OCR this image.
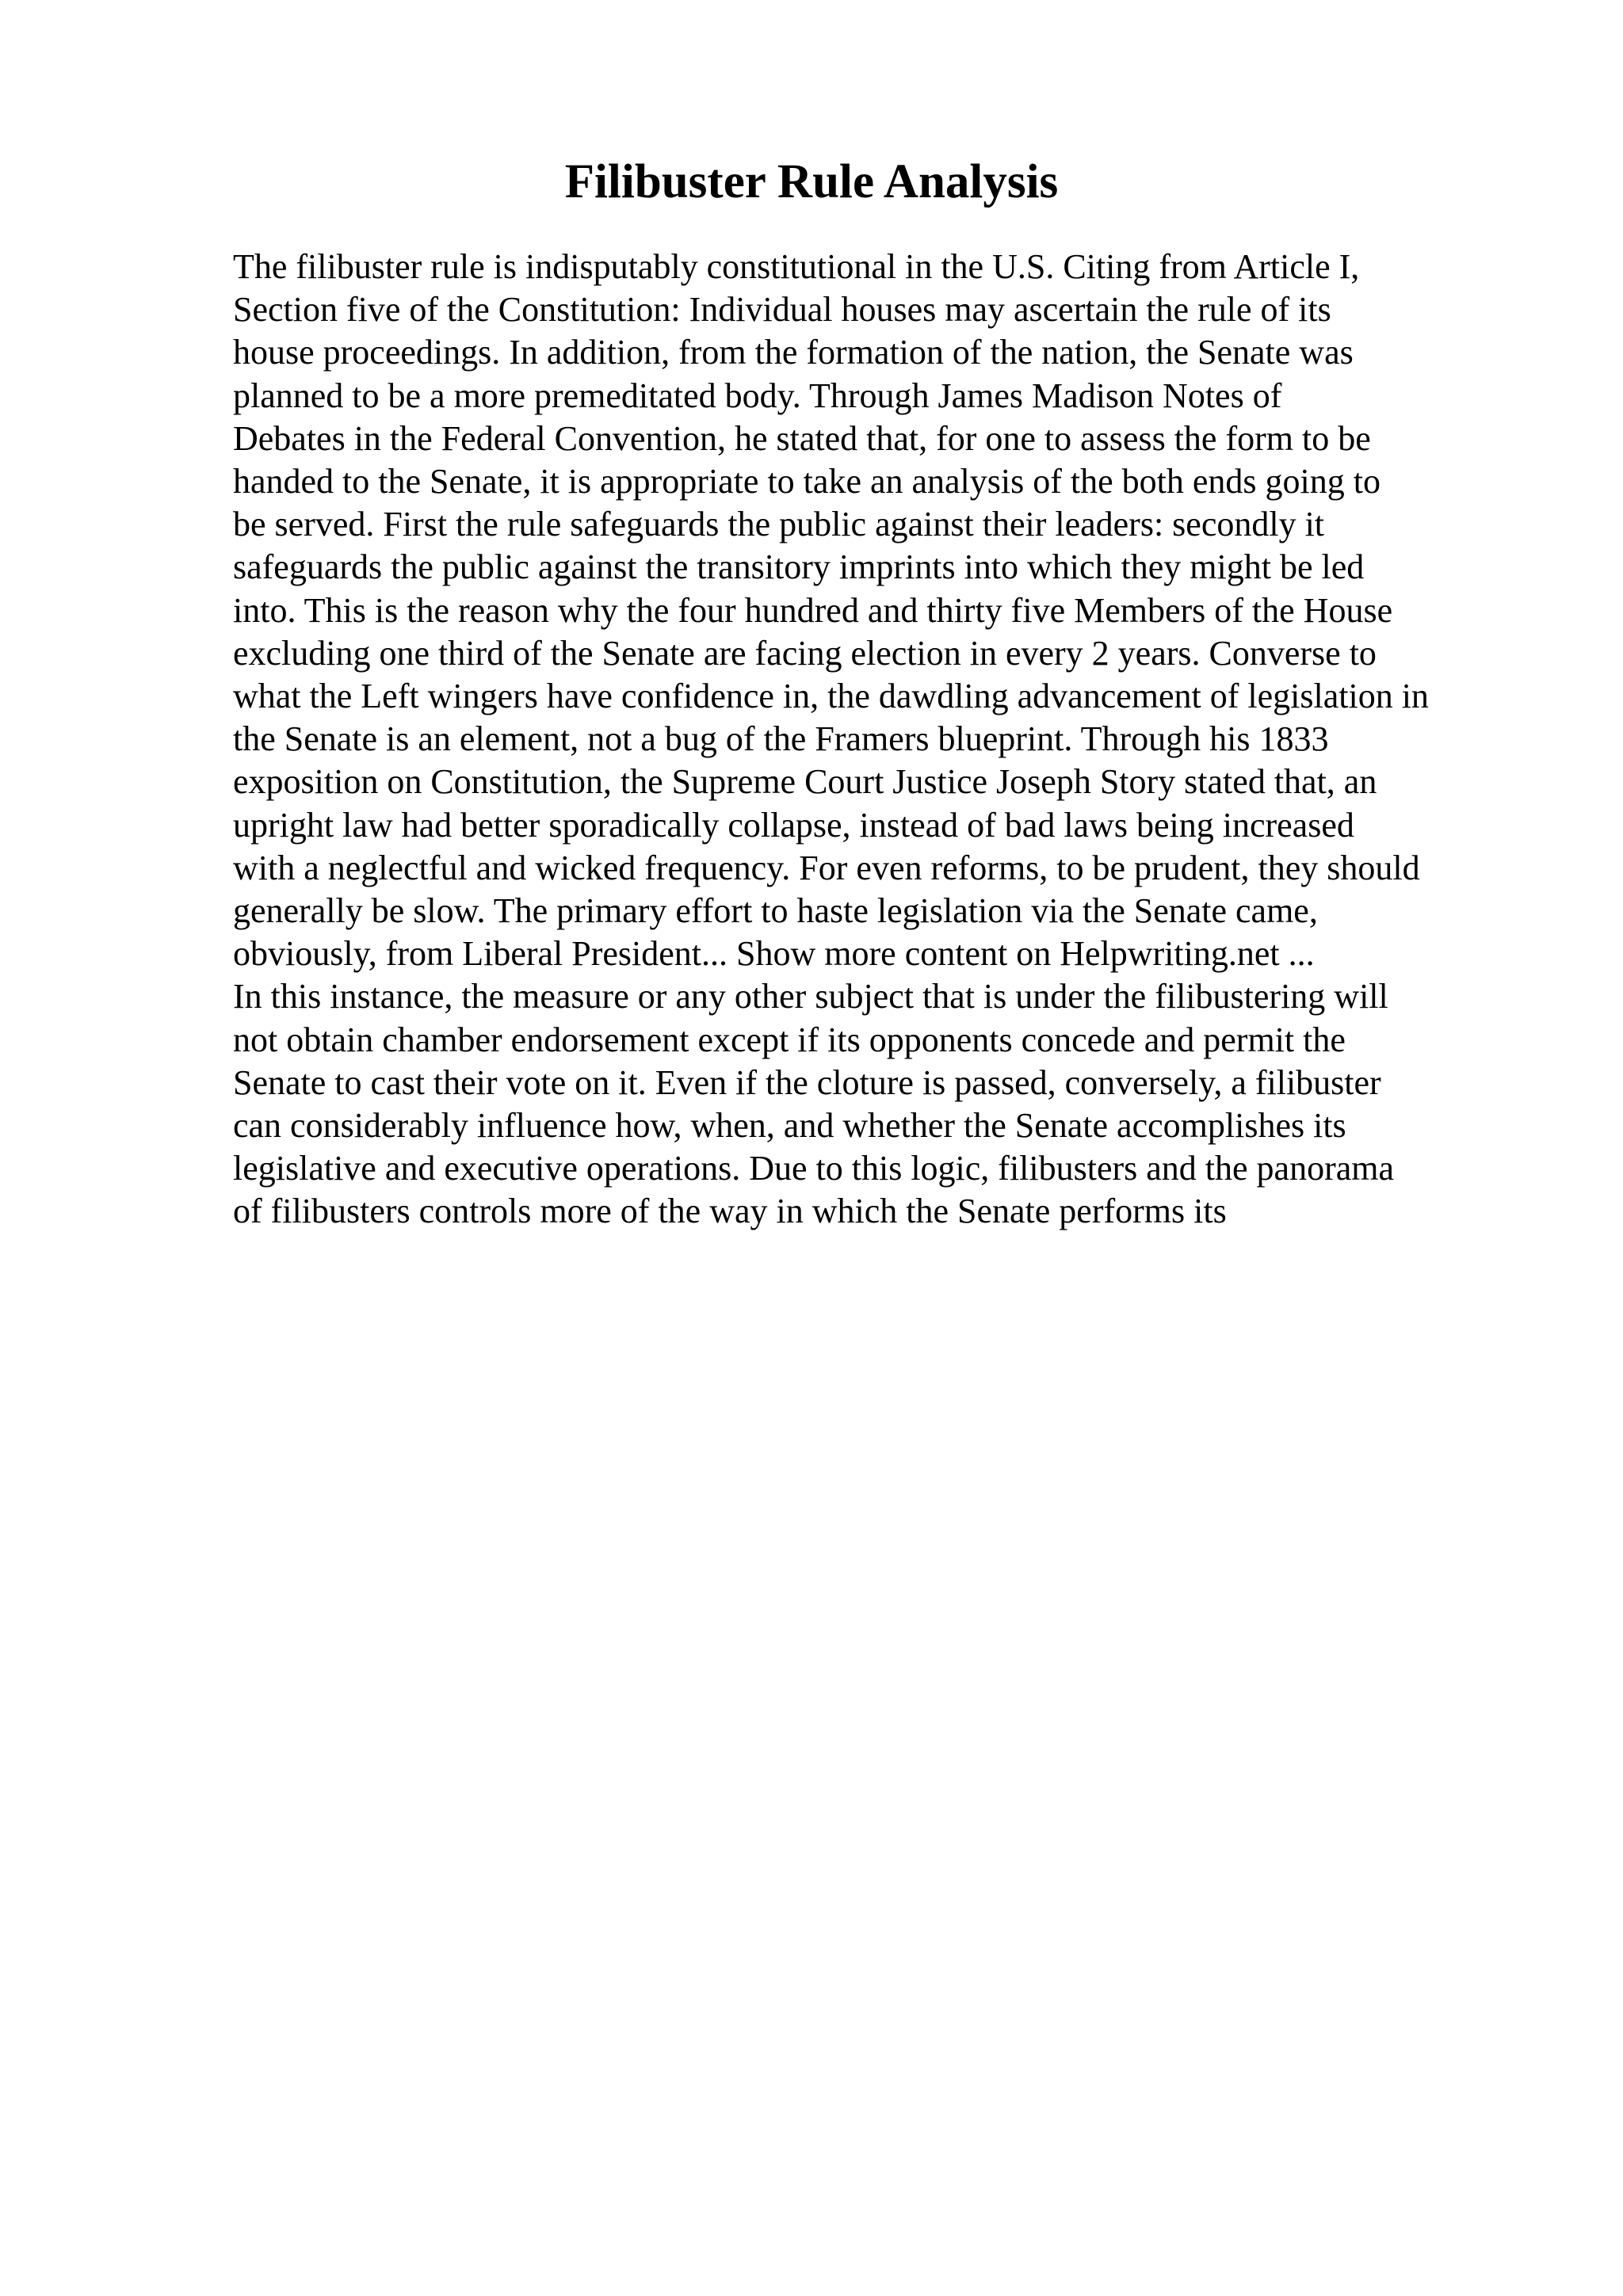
Filibuster Rule Analysis
The filibuster rule is indisputably constitutional in the U.S. Citing from Article I,
Section five of the Constitution: Individual houses may ascertain the rule of its
house proceedings. In addition, from the formation of the nation, the Senate was
planned to be a more premeditated body. Through James Madison Notes of
Debates in the Federal Convention, he stated that, for one to assess the form to be
handed to the Senate, it is appropriate to take an analysis of the both ends going to
be served. First the rule safeguards the public against their leaders: secondly it
safeguards the public against the transitory imprints into which they might be led
into. This is the reason why the four hundred and thirty five Members of the House
excluding one third of the Senate are facing election in every 2 years. Converse to
what the Left wingers have confidence in, the dawdling advancement of legislation in
the Senate is an element, not a bug of the Framers blueprint. Through his 1833
exposition on Constitution, the Supreme Court Justice Joseph Story stated that, an
upright law had better sporadically collapse, instead of bad laws being increased
with a neglectful and wicked frequency. For even reforms, to be prudent, they should
generally be slow. The primary effort to haste legislation via the Senate came,
obviously, from Liberal President... Show more content on Helpwriting.net ...
In this instance, the measure or any other subject that is under the filibustering will
not obtain chamber endorsement except if its opponents concede and permit the
Senate to cast their vote on it. Even if the cloture is passed, conversely, a filibuster
can considerably influence how, when, and whether the Senate accomplishes its
legislative and executive operations. Due to this logic, filibusters and the panorama
of filibusters controls more of the way in which the Senate performs its
